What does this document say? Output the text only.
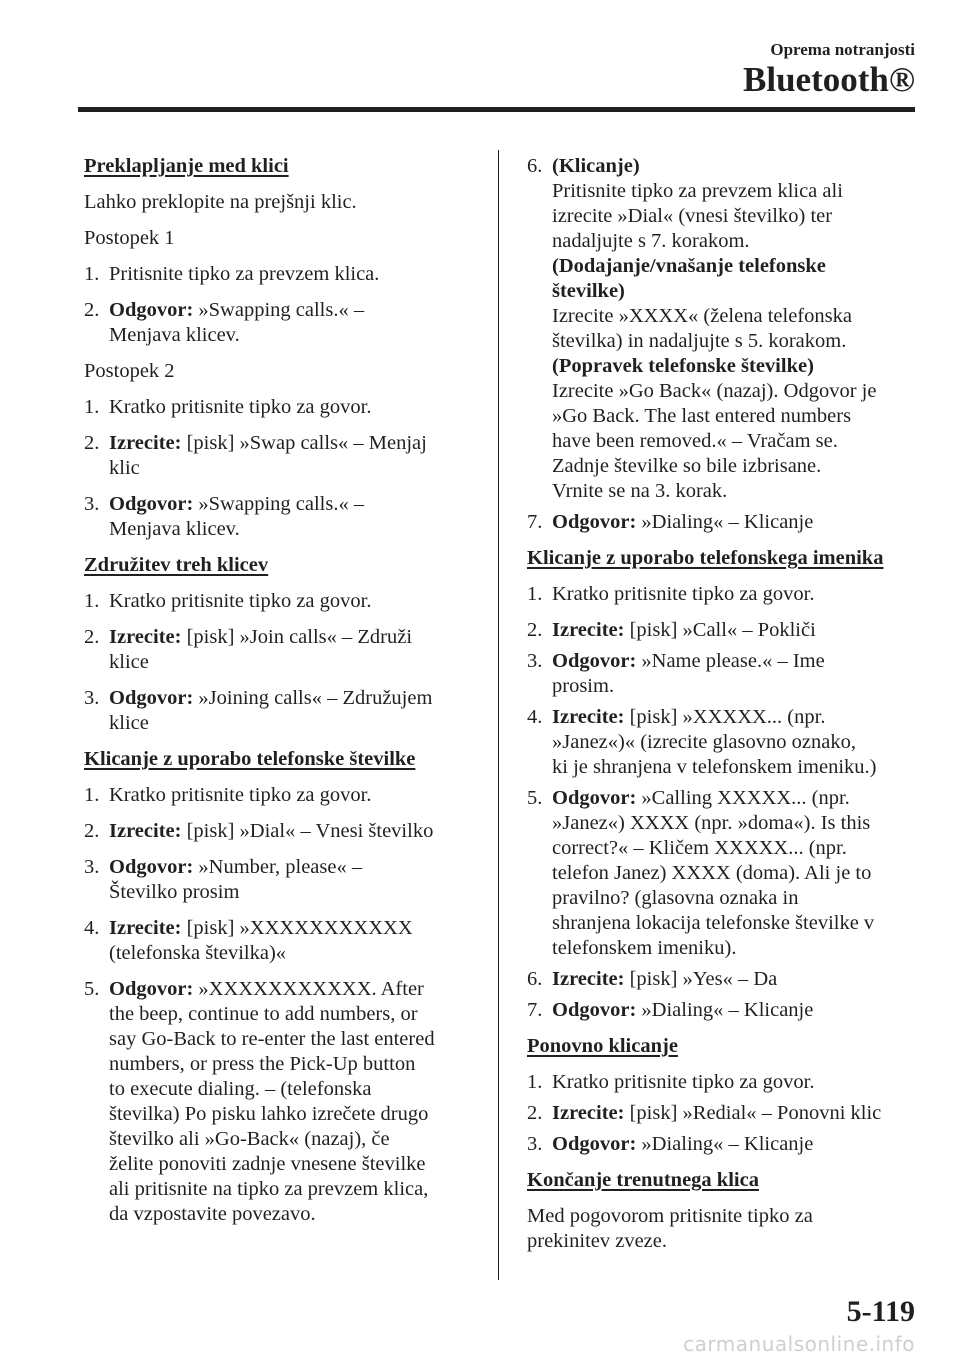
Oprema notranjosti
Bluetooth®
Preklapljanje med klici
Lahko preklopite na prejšnji klic.
Postopek 1
1. Pritisnite tipko za prevzem klica.
2. Odgovor: »Swapping calls.« –
Menjava klicev.
Postopek 2
1. Kratko pritisnite tipko za govor.
2. Izrecite: [pisk] »Swap calls« – Menjaj
klic
3. Odgovor: »Swapping calls.« –
Menjava klicev.
Združitev treh klicev
1. Kratko pritisnite tipko za govor.
2. Izrecite: [pisk] »Join calls« – Združi
klice
3. Odgovor: »Joining calls« – Združujem
klice
Klicanje z uporabo telefonske številke
1. Kratko pritisnite tipko za govor.
2. Izrecite: [pisk] »Dial« – Vnesi številko
3. Odgovor: »Number, please« –
Številko prosim
4. Izrecite: [pisk] »XXXXXXXXXXX
(telefonska številka)«
5. Odgovor: »XXXXXXXXXXX. After
the beep, continue to add numbers, or
say Go-Back to re-enter the last entered
numbers, or press the Pick-Up button
to execute dialing. – (telefonska
številka) Po pisku lahko izrečete drugo
številko ali »Go-Back« (nazaj), če
želite ponoviti zadnje vnesene številke
ali pritisnite na tipko za prevzem klica,
da vzpostavite povezavo.
6. (Klicanje)
Pritisnite tipko za prevzem klica ali
izrecite »Dial« (vnesi številko) ter
nadaljujte s 7. korakom.
(Dodajanje/vnašanje telefonske
številke)
Izrecite »XXXX« (želena telefonska
številka) in nadaljujte s 5. korakom.
(Popravek telefonske številke)
Izrecite »Go Back« (nazaj). Odgovor je
»Go Back. The last entered numbers
have been removed.« – Vračam se.
Zadnje številke so bile izbrisane.
Vrnite se na 3. korak.
7. Odgovor: »Dialing« – Klicanje
Klicanje z uporabo telefonskega imenika
1. Kratko pritisnite tipko za govor.
2. Izrecite: [pisk] »Call« – Pokliči
3. Odgovor: »Name please.« – Ime
prosim.
4. Izrecite: [pisk] »XXXXX... (npr.
»Janez«)« (izrecite glasovno oznako,
ki je shranjena v telefonskem imeniku.)
5. Odgovor: »Calling XXXXX... (npr.
»Janez«) XXXX (npr. »doma«). Is this
correct?« – Kličem XXXXX... (npr.
telefon Janez) XXXX (doma). Ali je to
pravilno? (glasovna oznaka in
shranjena lokacija telefonske številke v
telefonskem imeniku).
6. Izrecite: [pisk] »Yes« – Da
7. Odgovor: »Dialing« – Klicanje
Ponovno klicanje
1. Kratko pritisnite tipko za govor.
2. Izrecite: [pisk] »Redial« – Ponovni klic
3. Odgovor: »Dialing« – Klicanje
Končanje trenutnega klica
Med pogovorom pritisnite tipko za
prekinitev zveze.
5-119
carmanualsonline.info
